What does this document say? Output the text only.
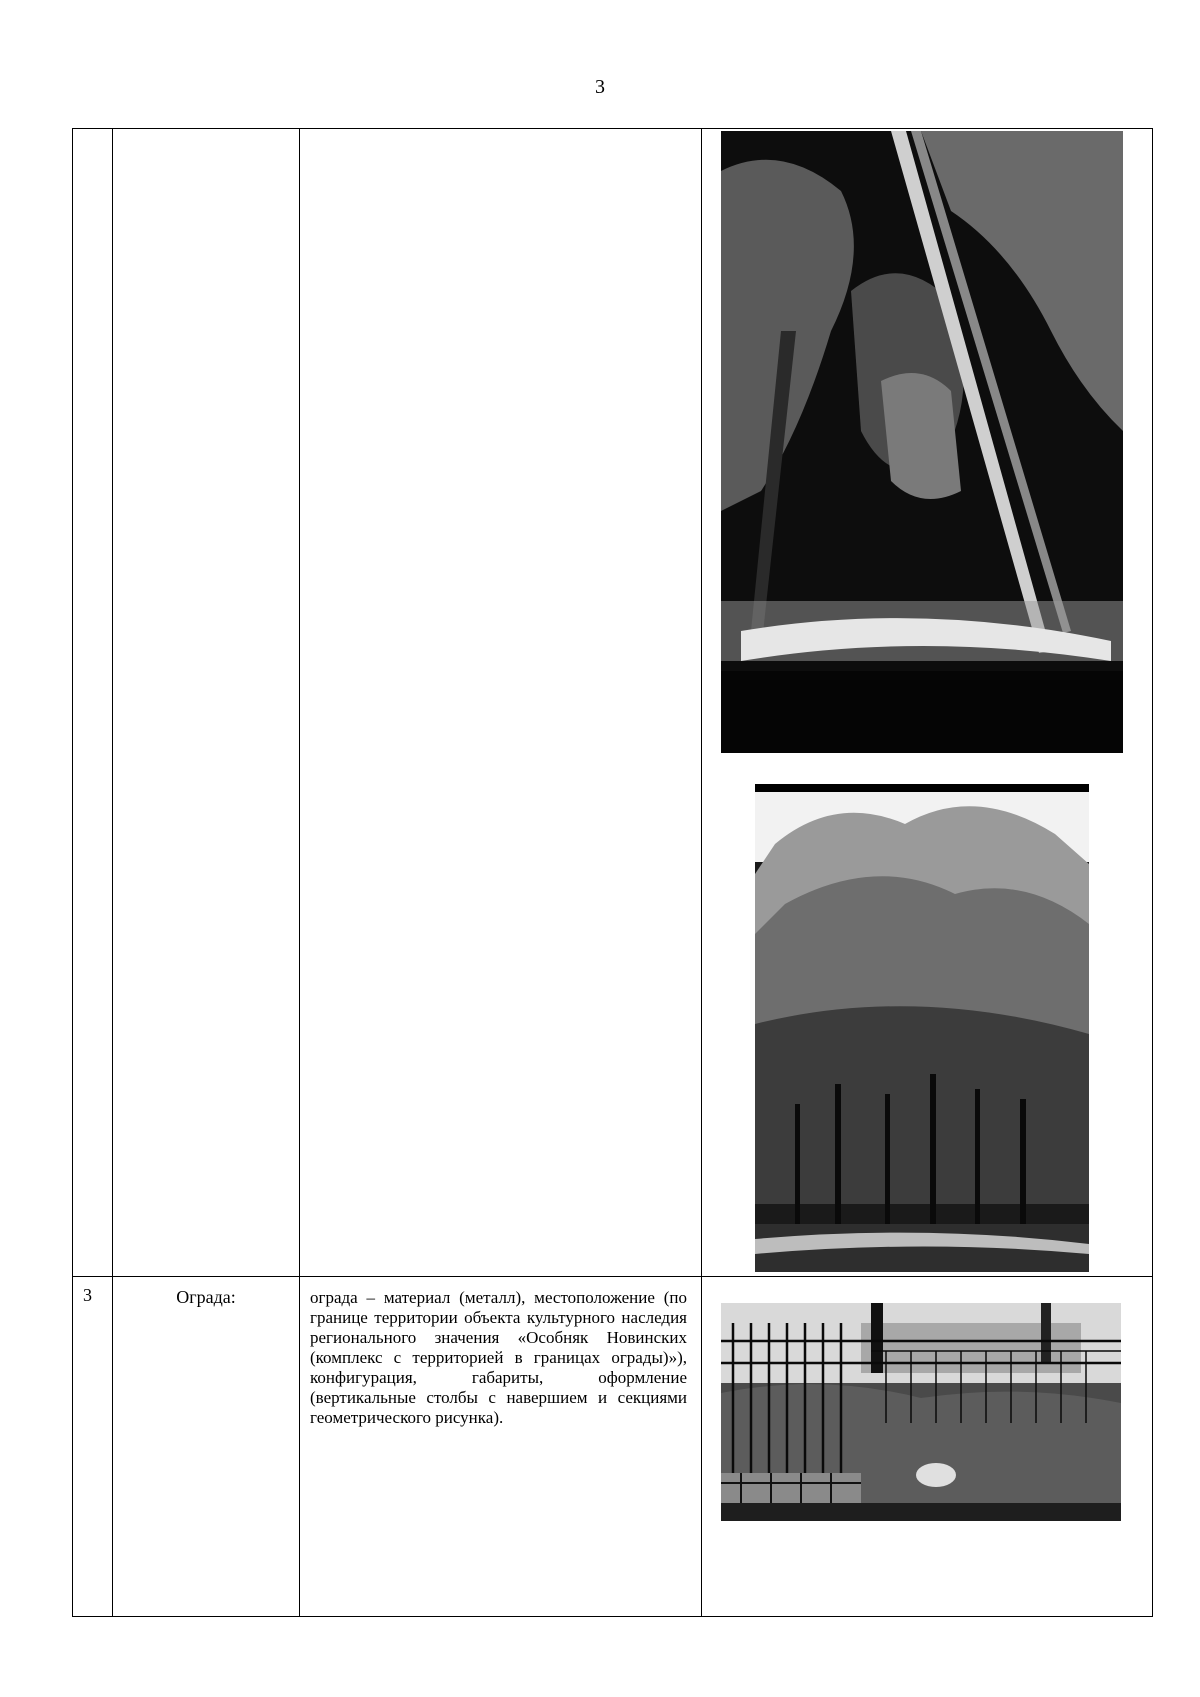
3

3	Ограда:	ограда – материал (металл), местоположение (по границе территории объекта культурного наследия регионального значения «Особняк Новинских (комплекс с территорией в границах ограды)»), конфигурация, габариты, оформление (вертикальные столбы с навершием и секциями геометрического рисунка).	
